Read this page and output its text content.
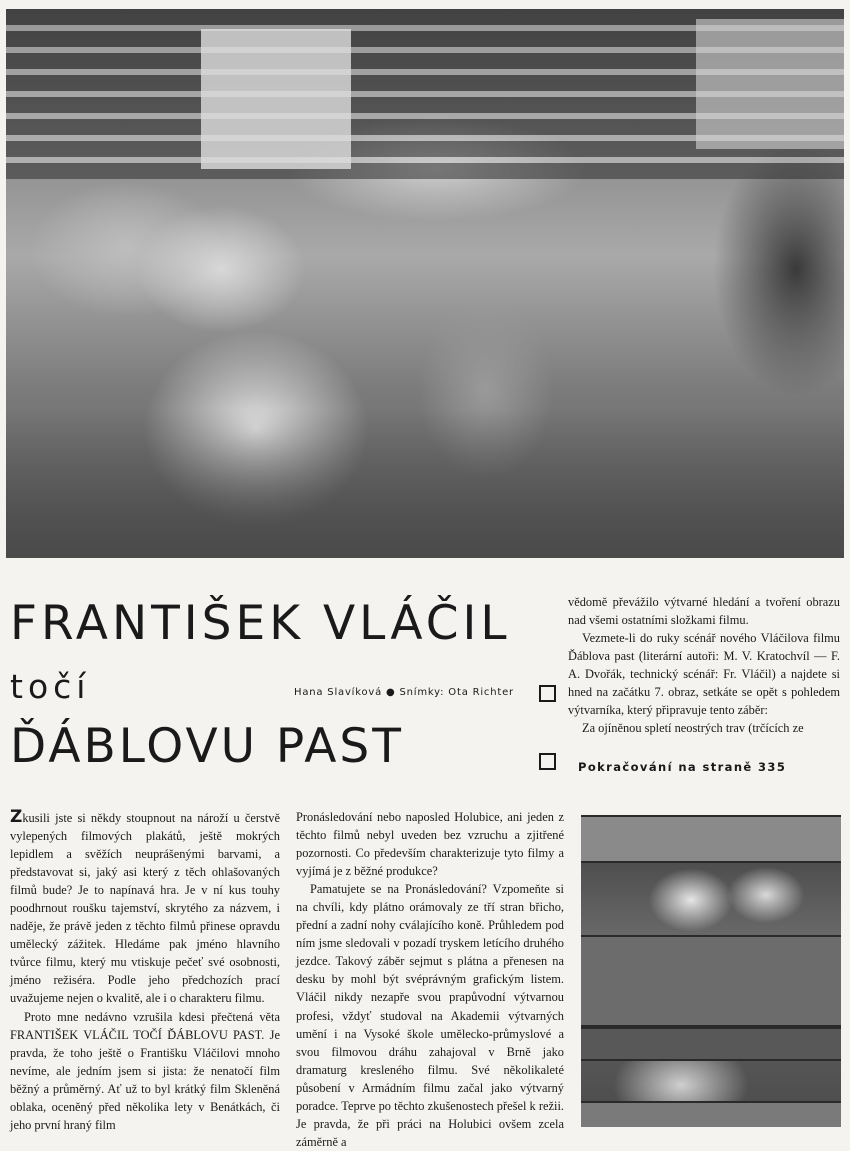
FRANTIŠEK VLÁČIL
točí	Hana Slavíková ● Snímky: Ota Richter
ĎÁBLOVU PAST

Zkusili jste si někdy stoupnout na nároží u čerstvě vylepených filmových plakátů, ještě mokrých lepidlem a svěžích neuprášenými barvami, a představovat si, jaký asi který z těch ohlašovaných filmů bude? Je to napínavá hra. Je v ní kus touhy poodhrnout roušku tajemství, skrytého za názvem, i naděje, že právě jeden z těchto filmů přinese opravdu umělecký zážitek. Hledáme pak jméno hlavního tvůrce filmu, který mu vtiskuje pečeť své osobnosti, jméno režiséra. Podle jeho předchozích prací uvažujeme nejen o kvalitě, ale i o charakteru filmu.

Proto mne nedávno vzrušila kdesi přečtená věta FRANTIŠEK VLÁČIL TOČÍ ĎÁBLOVU PAST. Je pravda, že toho ještě o Františku Vláčilovi mnoho nevíme, ale jedním jsem si jista: že nenatočí film běžný a průměrný. Ať už to byl krátký film Skleněná oblaka, oceněný před několika lety v Benátkách, či jeho první hraný film

Pronásledování nebo naposled Holubice, ani jeden z těchto filmů nebyl uveden bez vzruchu a zjitřené pozornosti. Co především charakterizuje tyto filmy a vyjímá je z běžné produkce?

Pamatujete se na Pronásledování? Vzpomeňte si na chvíli, kdy plátno orámovaly ze tří stran břicho, přední a zadní nohy cválajícího koně. Průhledem pod ním jsme sledovali v pozadí tryskem letícího druhého jezdce. Takový záběr sejmut s plátna a přenesen na desku by mohl být svéprávným grafickým listem. Vláčil nikdy nezapře svou prapůvodní výtvarnou profesi, vždyť studoval na Akademii výtvarných umění i na Vysoké škole umělecko-průmyslové a svou filmovou dráhu zahajoval v Brně jako dramaturg kresleného filmu. Své několikaleté působení v Armádním filmu začal jako výtvarný poradce. Teprve po těchto zkušenostech přešel k režii. Je pravda, že při práci na Holubici ovšem zcela záměrně a

vědomě převážilo výtvarné hledání a tvoření obrazu nad všemi ostatními složkami filmu.

Vezmete-li do ruky scénář nového Vláčilova filmu Ďáblova past (literární autoři: M. V. Kratochvíl — F. A. Dvořák, technický scénář: Fr. Vláčil) a najdete si hned na začátku 7. obraz, setkáte se opět s pohledem výtvarníka, který připravuje tento záběr:

Za ojíněnou spletí neostrých trav (trčících ze

Pokračování na straně 335
